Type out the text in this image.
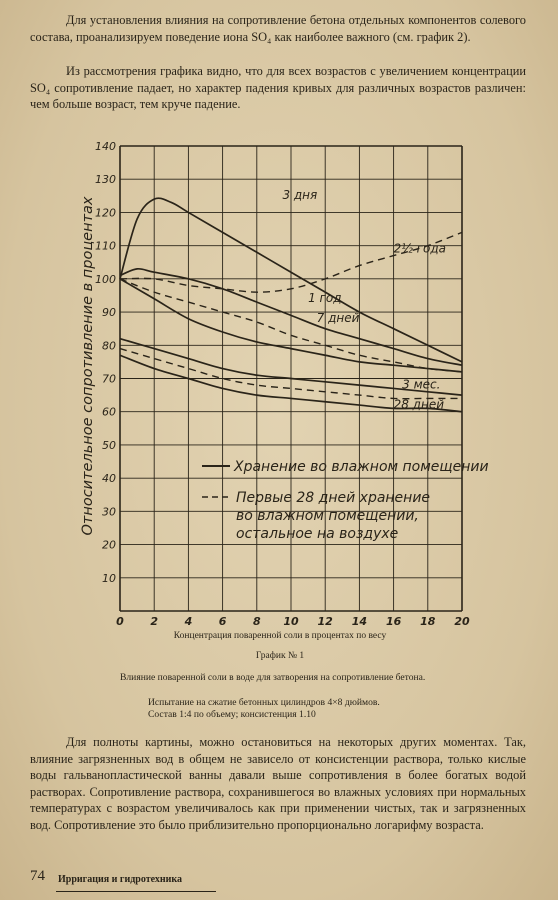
Для установления влияния на сопротивление бетона отдельных компонентов солевого состава, проанализируем поведение иона SO₄ как наиболее важного (см. график 2).

Из рассмотрения графика видно, что для всех возрастов с увеличением концентрации SO₄ сопротивление падает, но характер падения кривых для различных возрастов различен: чем больше возраст, тем круче падение.

0 2 4 6 8 10 12 14 16 18 20
10
20
30
40
50
60
70
80
90
100
110
120
130
140
3 дня
2½ года
1 год
7 дней
3 мес.
28 дней
Относительное сопротивление в процентах	Хранение во влажном помещении
Первые 28 дней хранение
во влажном помещении,
остальное на воздухе
Концентрация поваренной соли в процентах по весу
График № 1

Влияние поваренной соли в воде для затворения на сопротивление бетона.

Испытание на сжатие бетонных цилиндров 4×8 дюймов.

Состав 1:4 по объему; консистенция 1.10

Для полноты картины, можно остановиться на некоторых других моментах. Так, влияние загрязненных вод в общем не зависело от консистенции раствора, только кислые воды гальванопластической ванны давали выше сопротивления в более богатых водой растворах. Сопротивление раствора, сохранившегося во влажных условиях при нормальных температурах с возрастом увеличивалось как при применении чистых, так и загрязненных вод. Сопротивление это было приблизительно пропорционально логарифму возраста.

74 Ирригация и гидротехника
